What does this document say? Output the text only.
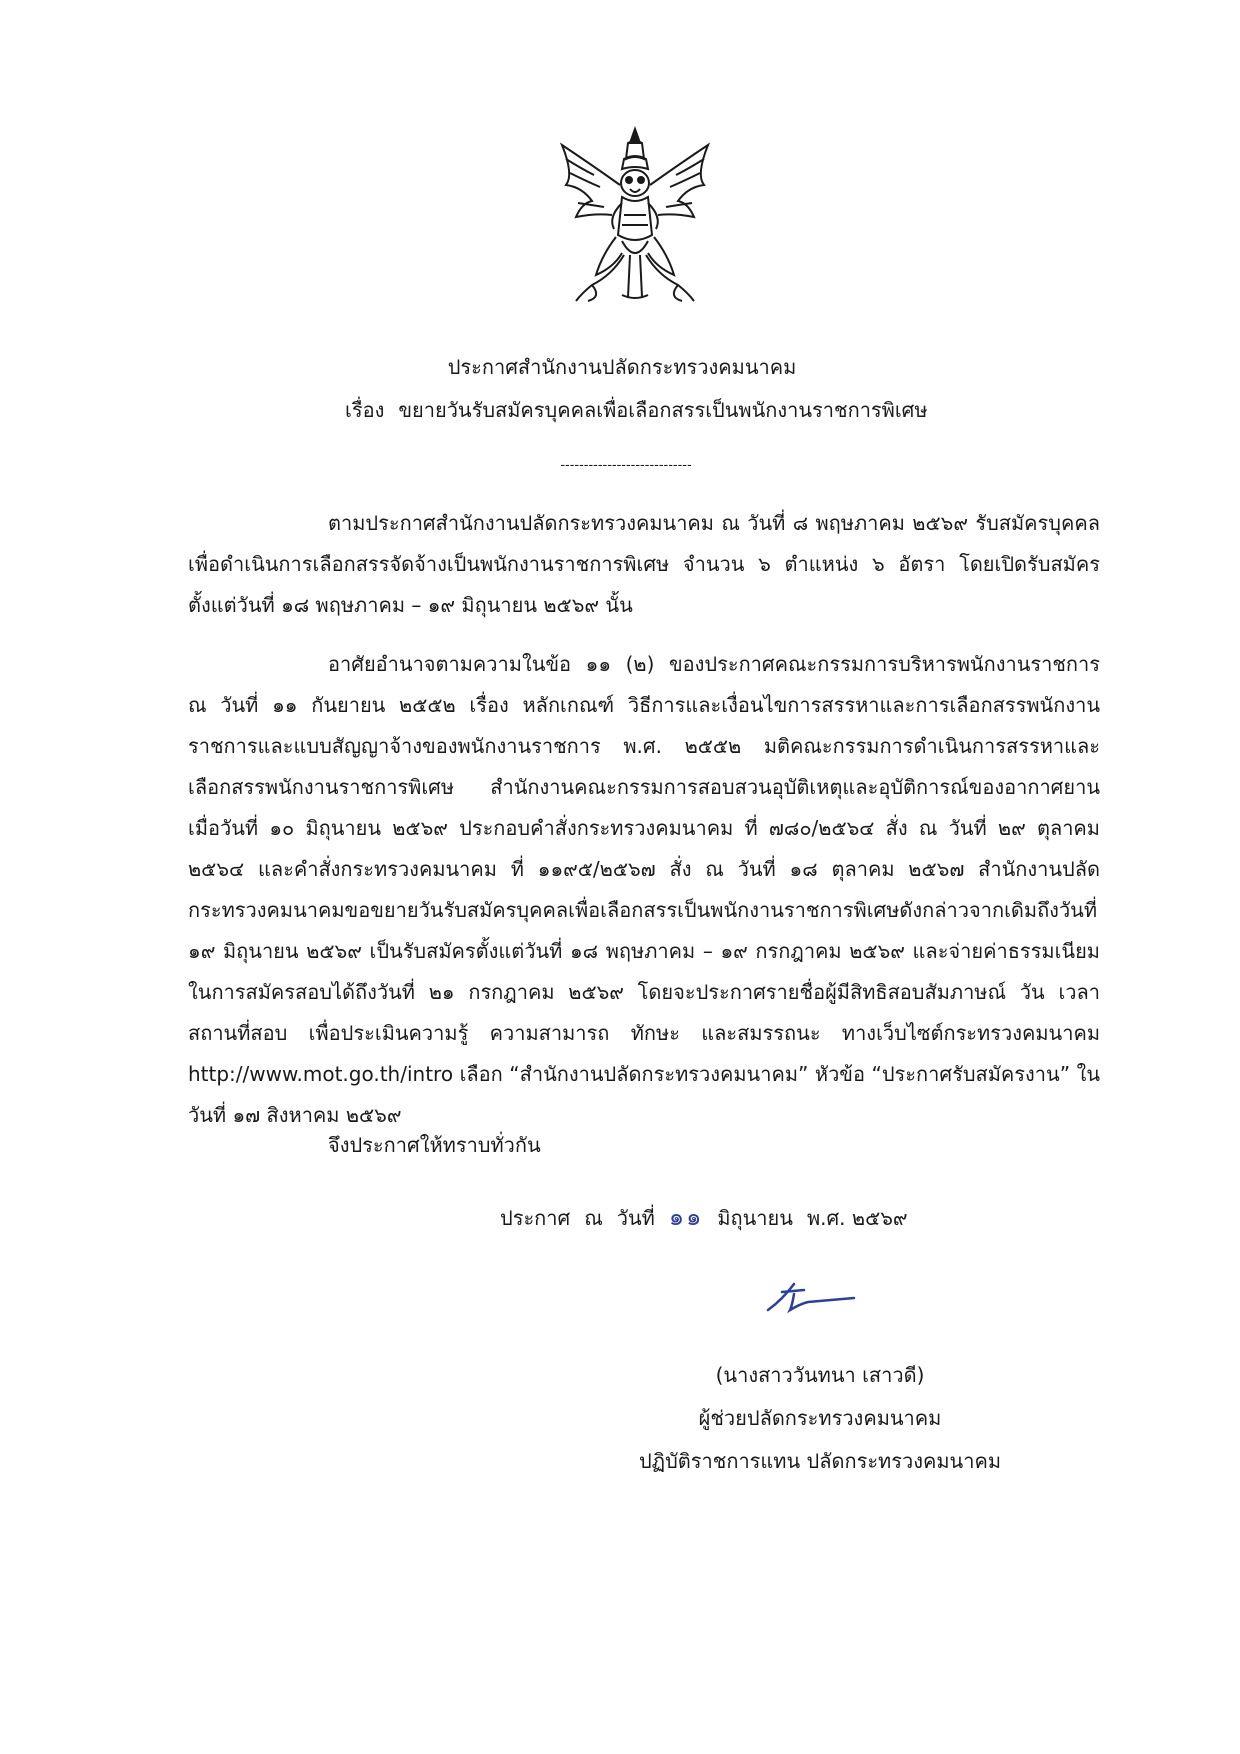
ประกาศสำนักงานปลัดกระทรวงคมนาคม
เรื่อง ขยายวันรับสมัครบุคคลเพื่อเลือกสรรเป็นพนักงานราชการพิเศษ
----------------------------
ตามประกาศสำนักงานปลัดกระทรวงคมนาคม ณ วันที่ ๘ พฤษภาคม ๒๕๖๙ รับสมัครบุคคลเพื่อดำเนินการเลือกสรรจัดจ้างเป็นพนักงานราชการพิเศษ จำนวน ๖ ตำแหน่ง ๖ อัตรา โดยเปิดรับสมัครตั้งแต่วันที่ ๑๘ พฤษภาคม – ๑๙ มิถุนายน ๒๕๖๙ นั้น
อาศัยอำนาจตามความในข้อ ๑๑ (๒) ของประกาศคณะกรรมการบริหารพนักงานราชการ ณ วันที่ ๑๑ กันยายน ๒๕๕๒ เรื่อง หลักเกณฑ์ วิธีการและเงื่อนไขการสรรหาและการเลือกสรรพนักงานราชการและแบบสัญญาจ้างของพนักงานราชการ พ.ศ. ๒๕๕๒ มติคณะกรรมการดำเนินการสรรหาและเลือกสรรพนักงานราชการพิเศษ สำนักงานคณะกรรมการสอบสวนอุบัติเหตุและอุบัติการณ์ของอากาศยาน เมื่อวันที่ ๑๐ มิถุนายน ๒๕๖๙ ประกอบคำสั่งกระทรวงคมนาคม ที่ ๗๘๐/๒๕๖๔ สั่ง ณ วันที่ ๒๙ ตุลาคม ๒๕๖๔ และคำสั่งกระทรวงคมนาคม ที่ ๑๑๙๕/๒๕๖๗ สั่ง ณ วันที่ ๑๘ ตุลาคม ๒๕๖๗ สำนักงานปลัดกระทรวงคมนาคมขอขยายวันรับสมัครบุคคลเพื่อเลือกสรรเป็นพนักงานราชการพิเศษดังกล่าวจากเดิมถึงวันที่ ๑๙ มิถุนายน ๒๕๖๙ เป็นรับสมัครตั้งแต่วันที่ ๑๘ พฤษภาคม – ๑๙ กรกฎาคม ๒๕๖๙ และจ่ายค่าธรรมเนียมในการสมัครสอบได้ถึงวันที่ ๒๑ กรกฎาคม ๒๕๖๙ โดยจะประกาศรายชื่อผู้มีสิทธิสอบสัมภาษณ์ วัน เวลา สถานที่สอบ เพื่อประเมินความรู้ ความสามารถ ทักษะ และสมรรถนะ ทางเว็บไซต์กระทรวงคมนาคม http://www.mot.go.th/intro เลือก “สำนักงานปลัดกระทรวงคมนาคม” หัวข้อ “ประกาศรับสมัครงาน” ในวันที่ ๑๗ สิงหาคม ๒๕๖๙
จึงประกาศให้ทราบทั่วกัน
ประกาศ ณ วันที่ ๑๑ มิถุนายน พ.ศ. ๒๕๖๙
(นางสาววันทนา เสาวดี)
ผู้ช่วยปลัดกระทรวงคมนาคม
ปฏิบัติราชการแทน ปลัดกระทรวงคมนาคม
